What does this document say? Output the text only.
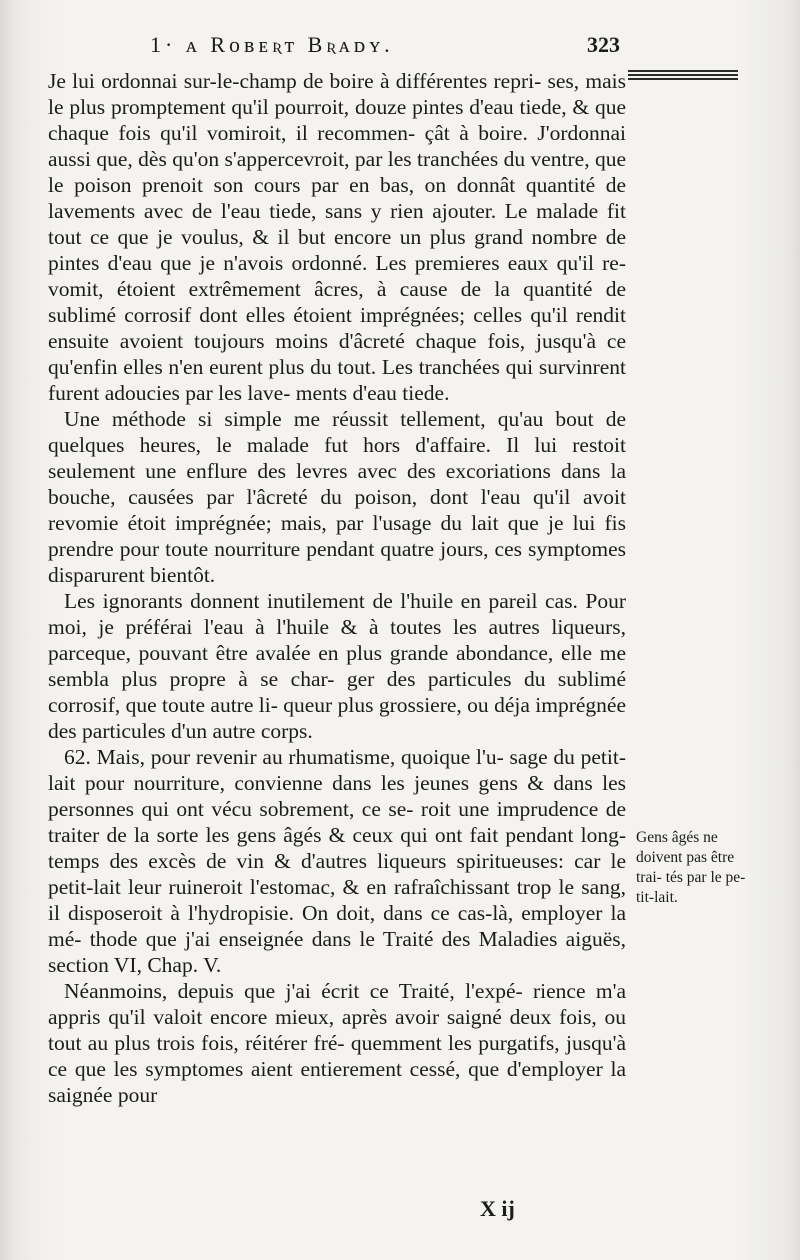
1· ᴀ Rᴏʙᴇʀᴛ Bʀᴀᴅʏ.	323

Je lui ordonnai sur-le-champ de boire à différentes repri- ses, mais le plus promptement qu'il pourroit, douze pintes d'eau tiede, & que chaque fois qu'il vomiroit, il recommen- çât à boire. J'ordonnai aussi que, dès qu'on s'appercevroit, par les tranchées du ventre, que le poison prenoit son cours par en bas, on donnât quantité de lavements avec de l'eau tiede, sans y rien ajouter. Le malade fit tout ce que je voulus, & il but encore un plus grand nombre de pintes d'eau que je n'avois ordonné. Les premieres eaux qu'il re- vomit, étoient extrêmement âcres, à cause de la quantité de sublimé corrosif dont elles étoient imprégnées; celles qu'il rendit ensuite avoient toujours moins d'âcreté chaque fois, jusqu'à ce qu'enfin elles n'en eurent plus du tout. Les tranchées qui survinrent furent adoucies par les lave- ments d'eau tiede.

Une méthode si simple me réussit tellement, qu'au bout de quelques heures, le malade fut hors d'affaire. Il lui restoit seulement une enflure des levres avec des excoriations dans la bouche, causées par l'âcreté du poison, dont l'eau qu'il avoit revomie étoit imprégnée; mais, par l'usage du lait que je lui fis prendre pour toute nourriture pendant quatre jours, ces symptomes disparurent bientôt.

Les ignorants donnent inutilement de l'huile en pareil cas. Pour moi, je préférai l'eau à l'huile & à toutes les autres liqueurs, parceque, pouvant être avalée en plus grande abondance, elle me sembla plus propre à se char- ger des particules du sublimé corrosif, que toute autre li- queur plus grossiere, ou déja imprégnée des particules d'un autre corps.

62. Mais, pour revenir au rhumatisme, quoique l'u- sage du petit-lait pour nourriture, convienne dans les jeunes gens & dans les personnes qui ont vécu sobrement, ce se- roit une imprudence de traiter de la sorte les gens âgés & ceux qui ont fait pendant long-temps des excès de vin & d'autres liqueurs spiritueuses: car le petit-lait leur ruineroit l'estomac, & en rafraîchissant trop le sang, il disposeroit à l'hydropisie. On doit, dans ce cas-là, employer la mé- thode que j'ai enseignée dans le Traité des Maladies aiguës, section VI, Chap. V.

Néanmoins, depuis que j'ai écrit ce Traité, l'expé- rience m'a appris qu'il valoit encore mieux, après avoir saigné deux fois, ou tout au plus trois fois, réitérer fré- quemment les purgatifs, jusqu'à ce que les symptomes aient entierement cessé, que d'employer la saignée pour

Gens âgés ne doivent pas être trai- tés par le pe- tit-lait.
X ij
